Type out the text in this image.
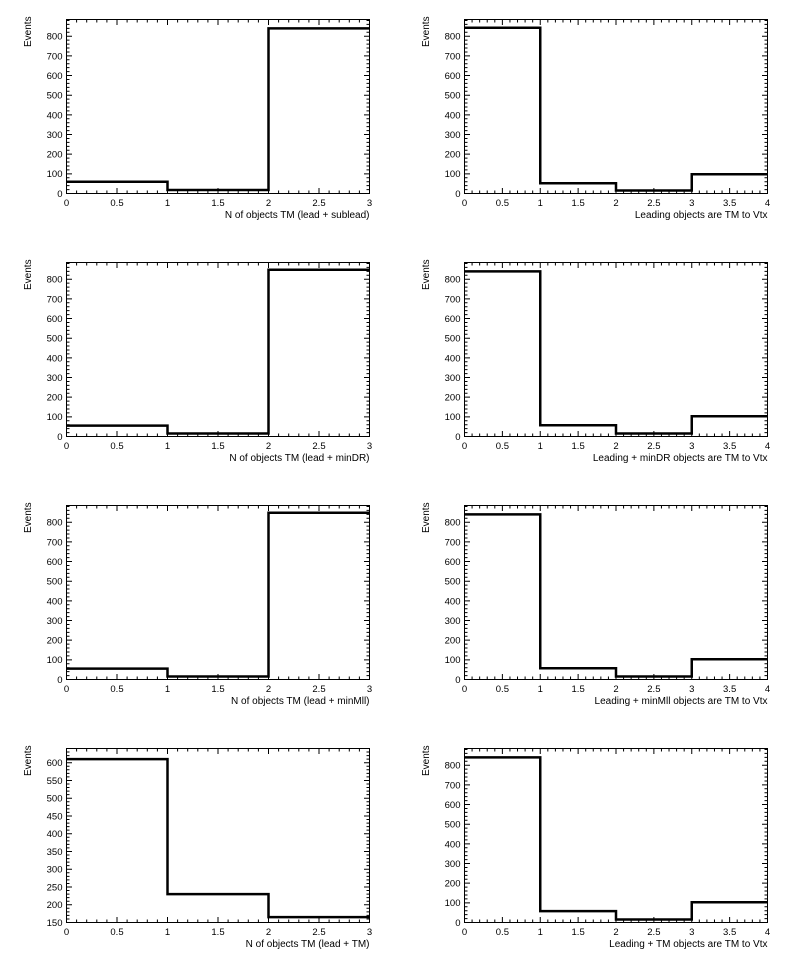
0
100
200
300
400
500
600
700
800
0	0.5	1	1.5	2	2.5	3
N of objects TM (lead + sublead)
Events
0
100
200
300
400
500
600
700
800
0	0.5	1	1.5	2	2.5	3	3.5	4
Leading objects are TM to Vtx
Events
0
100
200
300
400
500
600
700
800
0	0.5	1	1.5	2	2.5	3
N of objects TM (lead + minDR)
Events
0
100
200
300
400
500
600
700
800
0	0.5	1	1.5	2	2.5	3	3.5	4
Leading + minDR objects are TM to Vtx
Events
0
100
200
300
400
500
600
700
800
0	0.5	1	1.5	2	2.5	3
N of objects TM (lead + minMll)
Events
0
100
200
300
400
500
600
700
800
0	0.5	1	1.5	2	2.5	3	3.5	4
Leading + minMll objects are TM to Vtx
Events
150
200
250
300
350
400
450
500
550
600
0	0.5	1	1.5	2	2.5	3
N of objects TM (lead + TM)
Events
0
100
200
300
400
500
600
700
800
0	0.5	1	1.5	2	2.5	3	3.5	4
Leading + TM objects are TM to Vtx
Events
